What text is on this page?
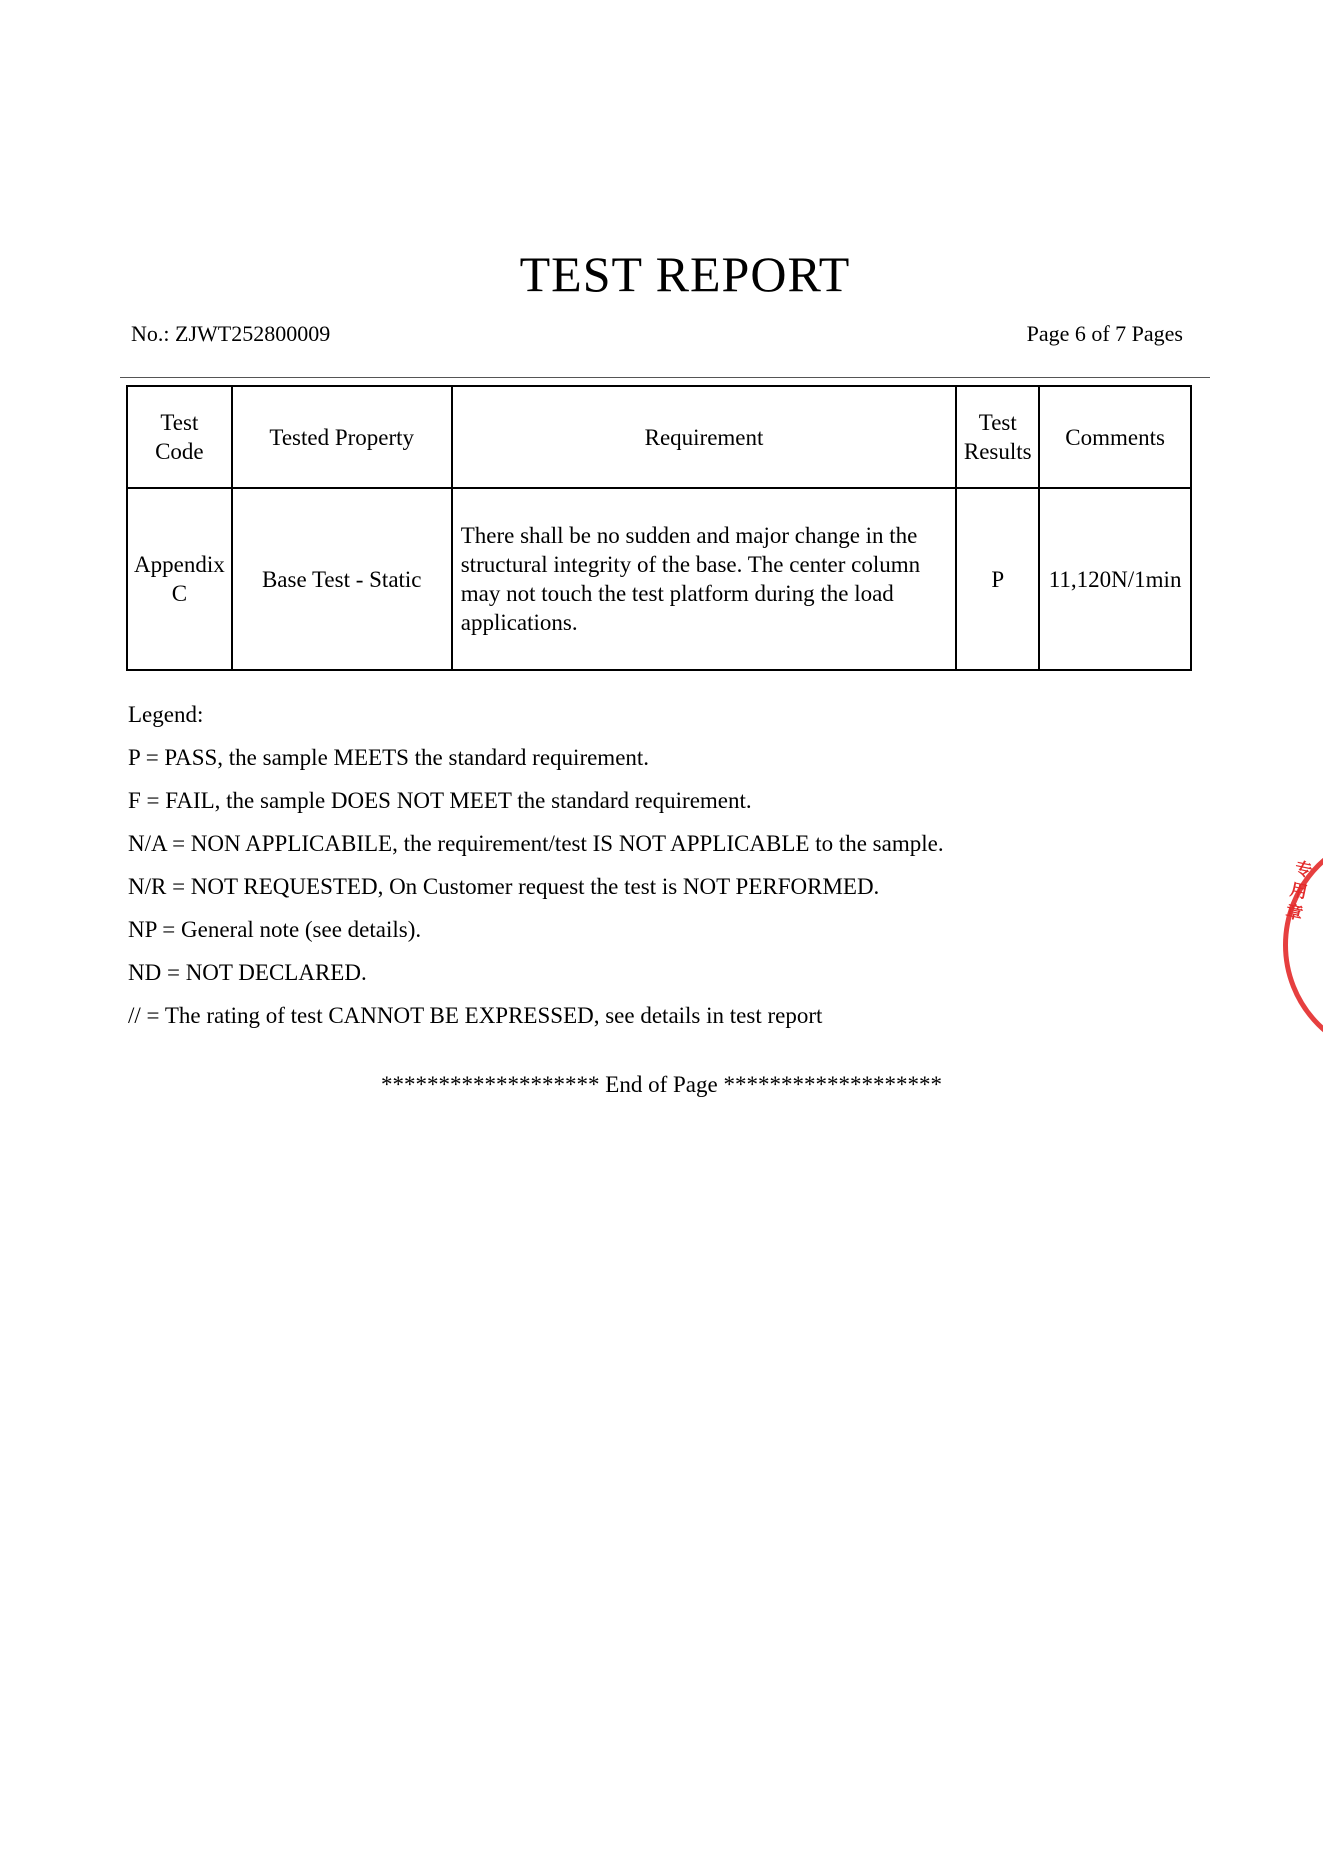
TEST REPORT
No.: ZJWT252800009	Page 6 of 7 Pages
Test Code	Tested Property	Requirement	Test Results	Comments
Appendix C	Base Test - Static	There shall be no sudden and major change in the structural integrity of the base. The center column may not touch the test platform during the load applications.	P	11,120N/1min
Legend:
P = PASS, the sample MEETS the standard requirement.
F = FAIL, the sample DOES NOT MEET the standard requirement.
N/A = NON APPLICABILE, the requirement/test IS NOT APPLICABLE to the sample.
N/R = NOT REQUESTED, On Customer request the test is NOT PERFORMED.
NP = General note (see details).
ND = NOT DECLARED.
// = The rating of test CANNOT BE EXPRESSED, see details in test report
******************* End of Page *******************
专用章
